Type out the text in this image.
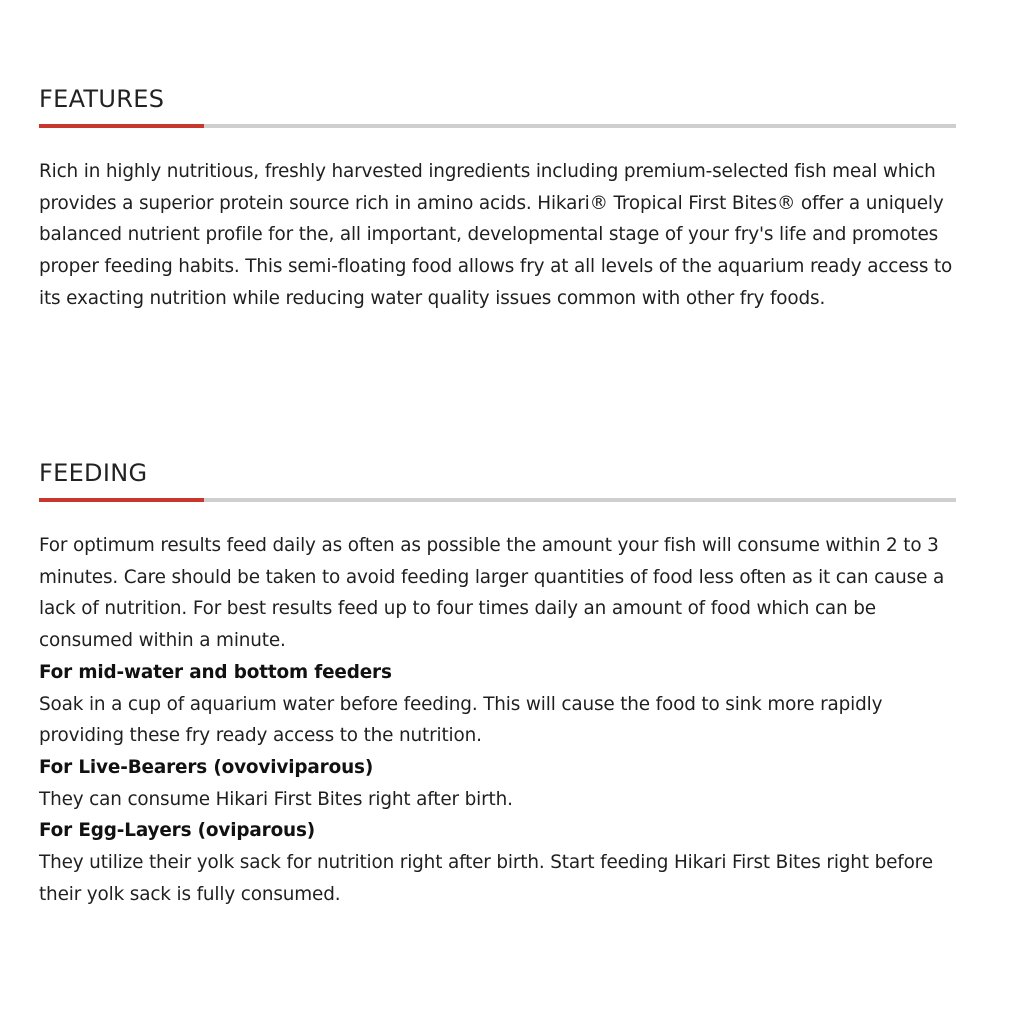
FEATURES

Rich in highly nutritious, freshly harvested ingredients including premium-selected fish meal which provides a superior protein source rich in amino acids. Hikari® Tropical First Bites® offer a uniquely balanced nutrient profile for the, all important, developmental stage of your fry's life and promotes proper feeding habits. This semi-floating food allows fry at all levels of the aquarium ready access to its exacting nutrition while reducing water quality issues common with other fry foods.

FEEDING

For optimum results feed daily as often as possible the amount your fish will consume within 2 to 3 minutes. Care should be taken to avoid feeding larger quantities of food less often as it can cause a lack of nutrition. For best results feed up to four times daily an amount of food which can be consumed within a minute.

For mid-water and bottom feeders

Soak in a cup of aquarium water before feeding. This will cause the food to sink more rapidly providing these fry ready access to the nutrition.

For Live-Bearers (ovoviviparous)

They can consume Hikari First Bites right after birth.

For Egg-Layers (oviparous)

They utilize their yolk sack for nutrition right after birth. Start feeding Hikari First Bites right before their yolk sack is fully consumed.
